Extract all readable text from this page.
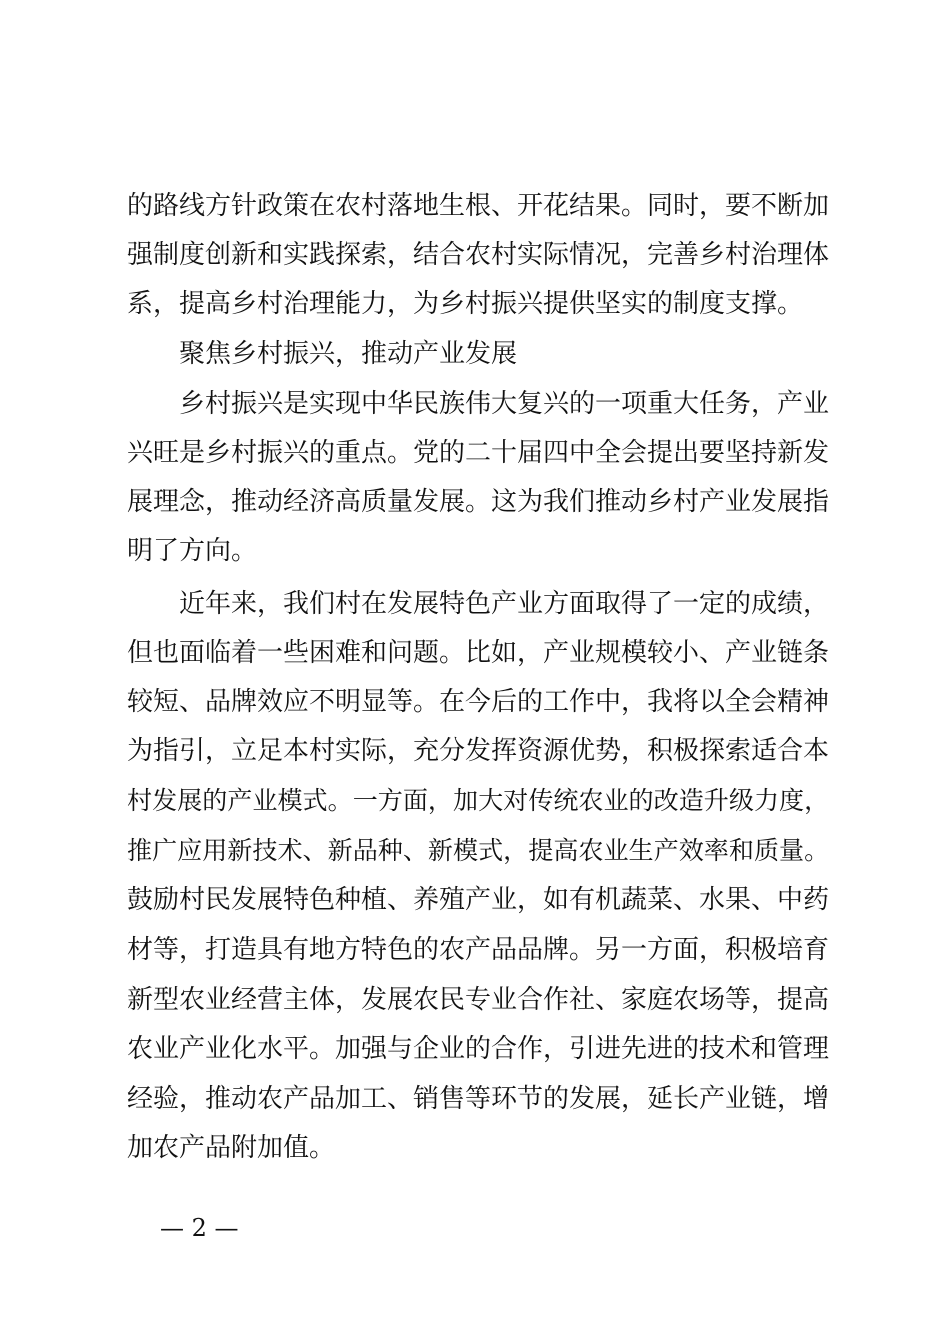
的路线方针政策在农村落地生根、开花结果。同时，要不断加
强制度创新和实践探索，结合农村实际情况，完善乡村治理体
系，提高乡村治理能力，为乡村振兴提供坚实的制度支撑。
聚焦乡村振兴，推动产业发展
乡村振兴是实现中华民族伟大复兴的一项重大任务，产业
兴旺是乡村振兴的重点。党的二十届四中全会提出要坚持新发
展理念，推动经济高质量发展。这为我们推动乡村产业发展指
明了方向。
近年来，我们村在发展特色产业方面取得了一定的成绩，
但也面临着一些困难和问题。比如，产业规模较小、产业链条
较短、品牌效应不明显等。在今后的工作中，我将以全会精神
为指引，立足本村实际，充分发挥资源优势，积极探索适合本
村发展的产业模式。一方面，加大对传统农业的改造升级力度，
推广应用新技术、新品种、新模式，提高农业生产效率和质量。
鼓励村民发展特色种植、养殖产业，如有机蔬菜、水果、中药
材等，打造具有地方特色的农产品品牌。另一方面，积极培育
新型农业经营主体，发展农民专业合作社、家庭农场等，提高
农业产业化水平。加强与企业的合作，引进先进的技术和管理
经验，推动农产品加工、销售等环节的发展，延长产业链，增
加农产品附加值。
— 2 —
